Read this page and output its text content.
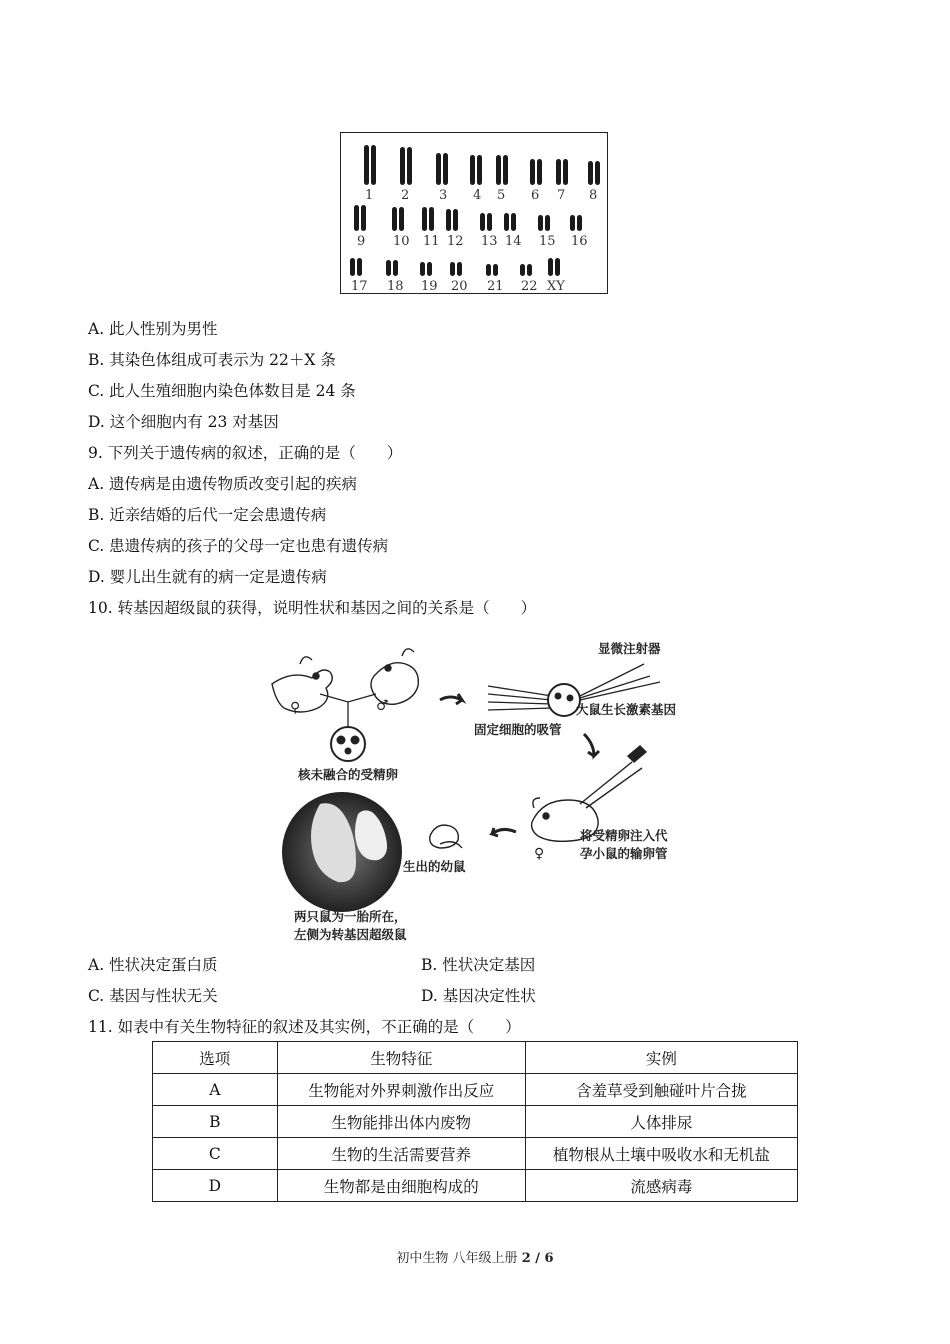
1 2 3 4 5 6 7 8
9 10 11 12 13 14 15 16
17 18 19 20 21 22 XY
A. 此人性别为男性
B. 其染色体组成可表示为 22＋X 条
C. 此人生殖细胞内染色体数目是 24 条
D. 这个细胞内有 23 对基因
9. 下列关于遗传病的叙述，正确的是（　　）
A. 遗传病是由遗传物质改变引起的疾病
B. 近亲结婚的后代一定会患遗传病
C. 患遗传病的孩子的父母一定也患有遗传病
D. 婴儿出生就有的病一定是遗传病
10. 转基因超级鼠的获得，说明性状和基因之间的关系是（　　）
♀	♂
核未融合的受精卵
显微注射器
大鼠生长激素基因
固定细胞的吸管
♀
将受精卵注入代
孕小鼠的输卵管
生出的幼鼠
两只鼠为一胎所在，
左侧为转基因超级鼠
A. 性状决定蛋白质	B. 性状决定基因
C. 基因与性状无关	D. 基因决定性状
11. 如表中有关生物特征的叙述及其实例，不正确的是（　　）
选项	生物特征	实例
A	生物能对外界刺激作出反应	含羞草受到触碰叶片合拢
B	生物能排出体内废物	人体排尿
C	生物的生活需要营养	植物根从土壤中吸收水和无机盐
D	生物都是由细胞构成的	流感病毒
初中生物 八年级上册 2 / 6
